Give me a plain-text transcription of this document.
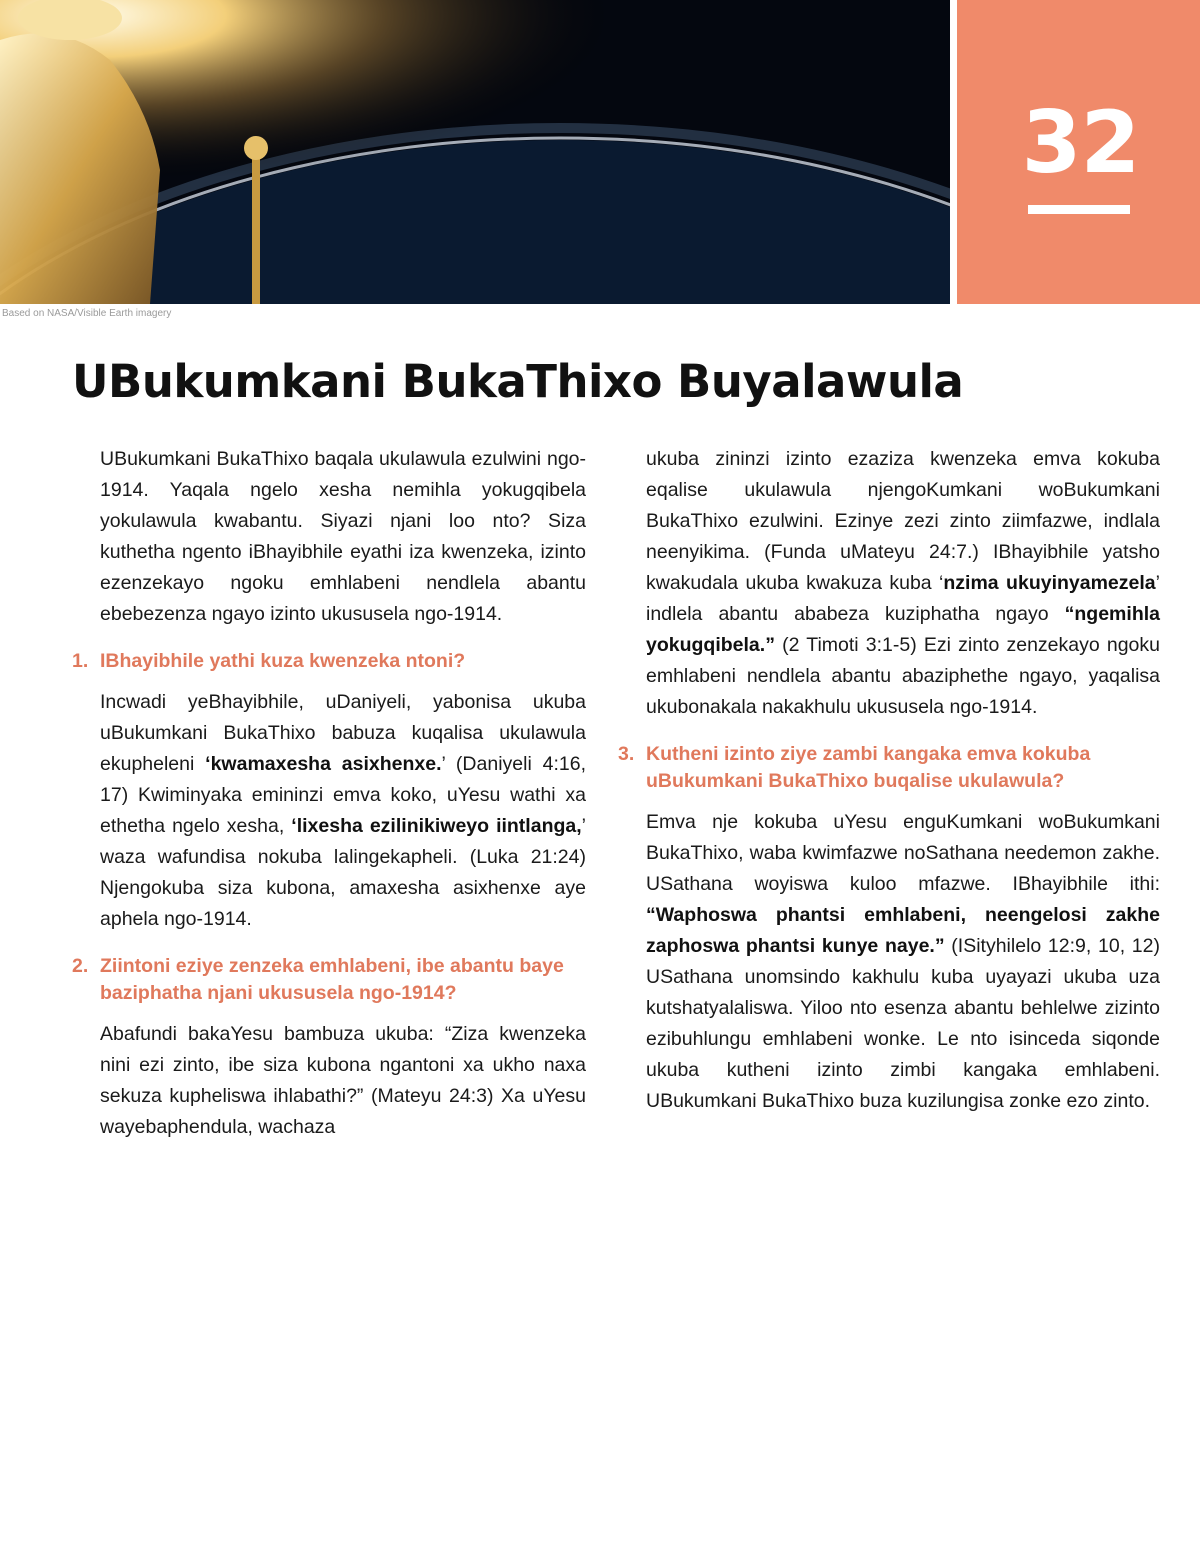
32
Based on NASA/Visible Earth imagery
UBukumkani BukaThixo Buyalawula

UBukumkani BukaThixo baqala ukulawula ezulwini ngo-1914. Yaqala ngelo xesha nemihla yokugqibela yokulawula kwabantu. Siyazi njani loo nto? Siza kuthetha ngento iBhayibhile eyathi iza kwenzeka, izinto ezenzekayo ngoku emhlabeni nendlela abantu ebebezenza ngayo izinto ukususela ngo-1914.

1. IBhayibhile yathi kuza kwenzeka ntoni?

Incwadi yeBhayibhile, uDaniyeli, yabonisa ukuba uBukumkani BukaThixo babuza kuqalisa ukulawula ekupheleni ‘kwamaxesha asixhenxe.’ (Daniyeli 4:16, 17) Kwiminyaka emininzi emva koko, uYesu wathi xa ethetha ngelo xesha, ‘lixesha ezilinikiweyo iintlanga,’ waza wafundisa nokuba lalingekapheli. (Luka 21:24) Njengokuba siza kubona, amaxesha asixhenxe aye aphela ngo-1914.

2. Ziintoni eziye zenzeka emhlabeni, ibe abantu baye baziphatha njani ukususela ngo-1914?

Abafundi bakaYesu bambuza ukuba: “Ziza kwenzeka nini ezi zinto, ibe siza kubona ngantoni xa ukho naxa sekuza kupheliswa ihlabathi?” (Mateyu 24:3) Xa uYesu wayebaphendula, wachaza

ukuba zininzi izinto ezaziza kwenzeka emva kokuba eqalise ukulawula njengoKumkani woBukumkani BukaThixo ezulwini. Ezinye zezi zinto ziimfazwe, indlala neenyikima. (Funda uMateyu 24:7.) IBhayibhile yatsho kwakudala ukuba kwakuza kuba ‘nzima ukuyinyamezela’ indlela abantu ababeza kuziphatha ngayo “ngemihla yokugqibela.” (2 Timoti 3:1-5) Ezi zinto zenzekayo ngoku emhlabeni nendlela abantu abaziphethe ngayo, yaqalisa ukubonakala nakakhulu ukususela ngo-1914.

3. Kutheni izinto ziye zambi kangaka emva kokuba uBukumkani BukaThixo buqalise ukulawula?

Emva nje kokuba uYesu enguKumkani woBukumkani BukaThixo, waba kwimfazwe noSathana needemon zakhe. USathana woyiswa kuloo mfazwe. IBhayibhile ithi: “Waphoswa phantsi emhlabeni, neengelosi zakhe zaphoswa phantsi kunye naye.” (ISityhilelo 12:9, 10, 12) USathana unomsindo kakhulu kuba uyayazi ukuba uza kutshatyalaliswa. Yiloo nto esenza abantu behlelwe zizinto ezibuhlungu emhlabeni wonke. Le nto isinceda siqonde ukuba kutheni izinto zimbi kangaka emhlabeni. UBukumkani BukaThixo buza kuzilungisa zonke ezo zinto.
